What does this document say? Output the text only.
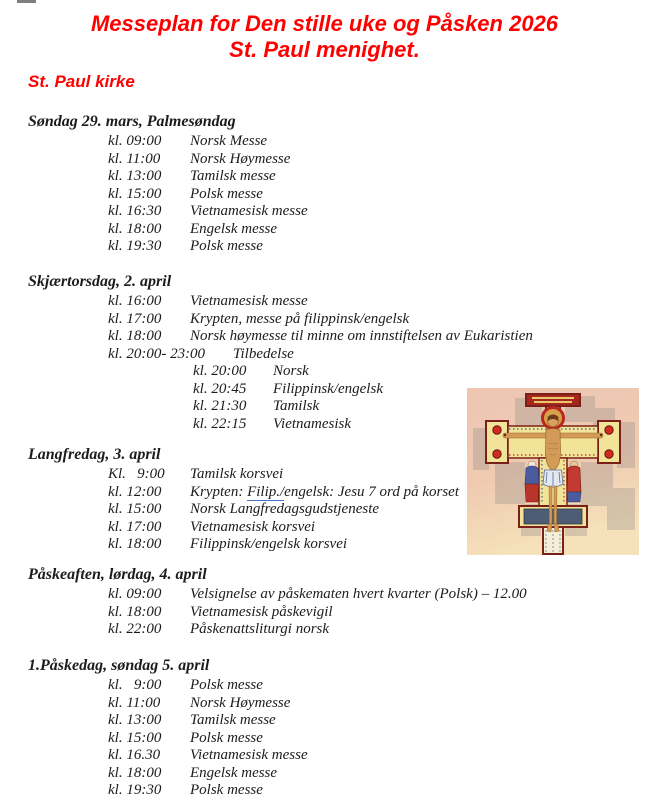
Messeplan for Den stille uke og Påsken 2026
St. Paul menighet.
St. Paul kirke
Søndag 29. mars, Palmesøndag
kl. 09:00 Norsk Messe
kl. 11:00 Norsk Høymesse
kl. 13:00 Tamilsk messe
kl. 15:00 Polsk messe
kl. 16:30 Vietnamesisk messe
kl. 18:00 Engelsk messe
kl. 19:30 Polsk messe
Skjærtorsdag, 2. april
kl. 16:00 Vietnamesisk messe
kl. 17:00 Krypten, messe på filippinsk/engelsk
kl. 18:00 Norsk høymesse til minne om innstiftelsen av Eukaristien
kl. 20:00- 23:00 Tilbedelse
kl. 20:00 Norsk
kl. 20:45 Filippinsk/engelsk
kl. 21:30 Tamilsk
kl. 22:15 Vietnamesisk
Langfredag, 3. april
Kl.   9:00 Tamilsk korsvei
kl. 12:00 Krypten: Filip./engelsk: Jesu 7 ord på korset
kl. 15:00 Norsk Langfredagsgudstjeneste
kl. 17:00 Vietnamesisk korsvei
kl. 18:00 Filippinsk/engelsk korsvei
Påskeaften, lørdag, 4. april
kl. 09:00 Velsignelse av påskematen hvert kvarter (Polsk) – 12.00
kl. 18:00 Vietnamesisk påskevigil
kl. 22:00 Påskenattsliturgi norsk
1.Påskedag, søndag 5. april
kl.   9:00 Polsk messe
kl. 11:00 Norsk Høymesse
kl. 13:00 Tamilsk messe
kl. 15:00 Polsk messe
kl. 16.30 Vietnamesisk messe
kl. 18:00 Engelsk messe
kl. 19:30 Polsk messe
